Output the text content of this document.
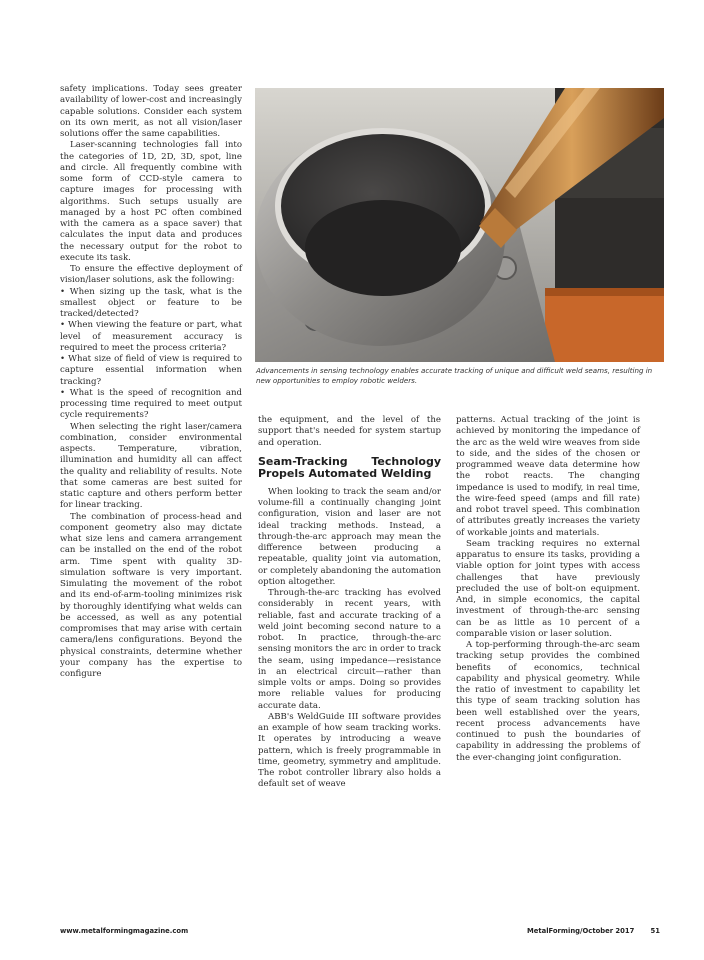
safety implications. Today sees greater availability of lower-cost and increasingly capable solutions. Consider each system on its own merit, as not all vision/laser solutions offer the same capabilities.

Laser-scanning technologies fall into the categories of 1D, 2D, 3D, spot, line and circle. All frequently combine with some form of CCD-style camera to capture images for processing with algorithms. Such setups usually are managed by a host PC often combined with the camera as a space saver) that calculates the input data and produces the necessary output for the robot to execute its task.

To ensure the effective deployment of vision/laser solutions, ask the following:

• When sizing up the task, what is the smallest object or feature to be tracked/detected?

• When viewing the feature or part, what level of measurement accuracy is required to meet the process criteria?

• What size of field of view is required to capture essential information when tracking?

• What is the speed of recognition and processing time required to meet output cycle requirements?

When selecting the right laser/camera combination, consider environmental aspects. Temperature, vibration, illumination and humidity all can affect the quality and reliability of results. Note that some cameras are best suited for static capture and others perform better for linear tracking.

The combination of process-head and component geometry also may dictate what size lens and camera arrangement can be installed on the end of the robot arm. Time spent with quality 3D-simulation software is very important. Simulating the movement of the robot and its end-of-arm-tooling minimizes risk by thoroughly identifying what welds can be accessed, as well as any potential compromises that may arise with certain camera/lens configurations. Beyond the physical constraints, determine whether your company has the expertise to configure

Advancements in sensing technology enables accurate tracking of unique and difficult weld seams, resulting in new opportunities to employ robotic welders.

the equipment, and the level of the support that's needed for system startup and operation.

Seam-Tracking Technology Propels Automated Welding

When looking to track the seam and/or volume-fill a continually changing joint configuration, vision and laser are not ideal tracking methods. Instead, a through-the-arc approach may mean the difference between producing a repeatable, quality joint via automation, or completely abandoning the automation option altogether.

Through-the-arc tracking has evolved considerably in recent years, with reliable, fast and accurate tracking of a weld joint becoming second nature to a robot. In practice, through-the-arc sensing monitors the arc in order to track the seam, using impedance—resistance in an electrical circuit—rather than simple volts or amps. Doing so provides more reliable values for producing accurate data.

ABB's WeldGuide III software provides an example of how seam tracking works. It operates by introducing a weave pattern, which is freely programmable in time, geometry, symmetry and amplitude. The robot controller library also holds a default set of weave

patterns. Actual tracking of the joint is achieved by monitoring the impedance of the arc as the weld wire weaves from side to side, and the sides of the chosen or programmed weave data determine how the robot reacts. The changing impedance is used to modify, in real time, the wire-feed speed (amps and fill rate) and robot travel speed. This combination of attributes greatly increases the variety of workable joints and materials.

Seam tracking requires no external apparatus to ensure its tasks, providing a viable option for joint types with access challenges that have previously precluded the use of bolt-on equipment. And, in simple economics, the capital investment of through-the-arc sensing can be as little as 10 percent of a comparable vision or laser solution.

A top-performing through-the-arc seam tracking setup provides the combined benefits of economics, technical capability and physical geometry. While the ratio of investment to capability let this type of seam tracking solution has been well established over the years, recent process advancements have continued to push the boundaries of capability in addressing the problems of the ever-changing joint configuration.

www.metalformingmagazine.com	MetalForming/October 2017 51
